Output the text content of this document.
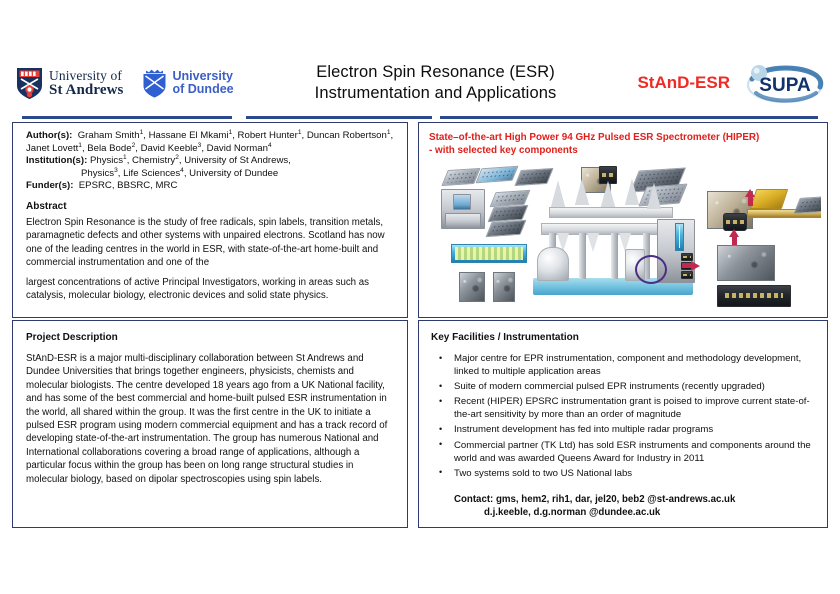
University of
St Andrews
University
of Dundee
Electron Spin Resonance (ESR)
Instrumentation and Applications
StAnD-ESR SUPA
Author(s): Graham Smith$^1$, Hassane El Mkami$^1$, Robert Hunter$^1$, Duncan Robertson$^1$, Janet Lovett$^1$, Bela Bode$^2$, David Keeble$^3$, David Norman$^4$
Institution(s): Physics$^1$, Chemistry$^2$, University of St Andrews,
Physics$^3$, Life Sciences$^4$, University of Dundee
Funder(s): EPSRC, BBSRC, MRC
Abstract

Electron Spin Resonance is the study of free radicals, spin labels, transition metals, paramagnetic defects and other systems with unpaired electrons. Scotland has now one of the leading centres in the world in ESR, with state-of-the-art home-built and commercial instrumentation and one of the

largest concentrations of active Principal Investigators, working in areas such as catalysis, molecular biology, electronic devices and solid state physics.

State–of-the-art High Power 94 GHz Pulsed ESR Spectrometer (HIPER)
- with selected key components
Project Description

StAnD-ESR is a major multi-disciplinary collaboration between St Andrews and Dundee Universities that brings together engineers, physicists, chemists and molecular biologists. The centre developed 18 years ago from a UK National facility, and has some of the best commercial and home-built pulsed ESR instrumentation in the world, all shared within the group. It was the first centre in the UK to initiate a pulsed ESR program using modern commercial equipment and has a track record of developing state-of-the-art instrumentation. The group has numerous National and International collaborations covering a broad range of applications, although a particular focus within the group has been on long range structural studies in molecular biology, based on dipolar spectroscopies using spin labels.

Key Facilities / Instrumentation
• Major centre for EPR instrumentation, component and methodology development, linked to multiple application areas
• Suite of modern commercial pulsed EPR instruments (recently upgraded)
• Recent (HIPER) EPSRC instrumentation grant is poised to improve current state-of-the-art sensitivity by more than an order of magnitude
• Instrument development has fed into multiple radar programs
• Commercial partner (TK Ltd) has sold ESR instruments and components around the world and was awarded Queens Award for Industry in 2011
• Two systems sold to two US National labs
Contact: gms, hem2, rih1, dar, jel20, beb2 @st-andrews.ac.uk
d.j.keeble, d.g.norman @dundee.ac.uk
